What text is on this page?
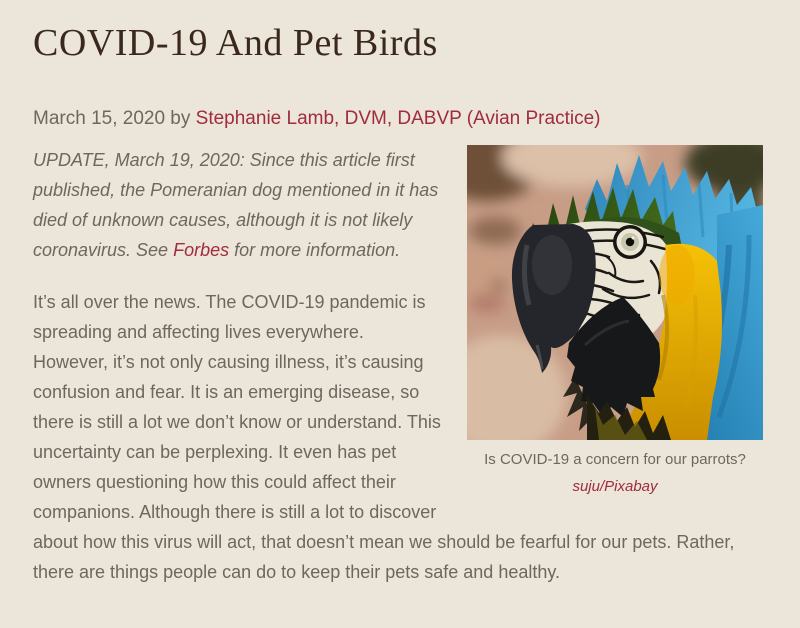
COVID-19 And Pet Birds

March 15, 2020 by Stephanie Lamb, DVM, DABVP (Avian Practice)

Is COVID-19 a concern for our parrots?
suju/Pixabay

UPDATE, March 19, 2020: Since this article first published, the Pomeranian dog mentioned in it has died of unknown causes, although it is not likely coronavirus. See Forbes for more information.

It’s all over the news. The COVID-19 pandemic is spreading and affecting lives everywhere. However, it’s not only causing illness, it’s causing confusion and fear. It is an emerging disease, so there is still a lot we don’t know or understand. This uncertainty can be perplexing. It even has pet owners questioning how this could affect their companions. Although there is still a lot to discover about how this virus will act, that doesn’t mean we should be fearful for our pets. Rather, there are things people can do to keep their pets safe and healthy.
